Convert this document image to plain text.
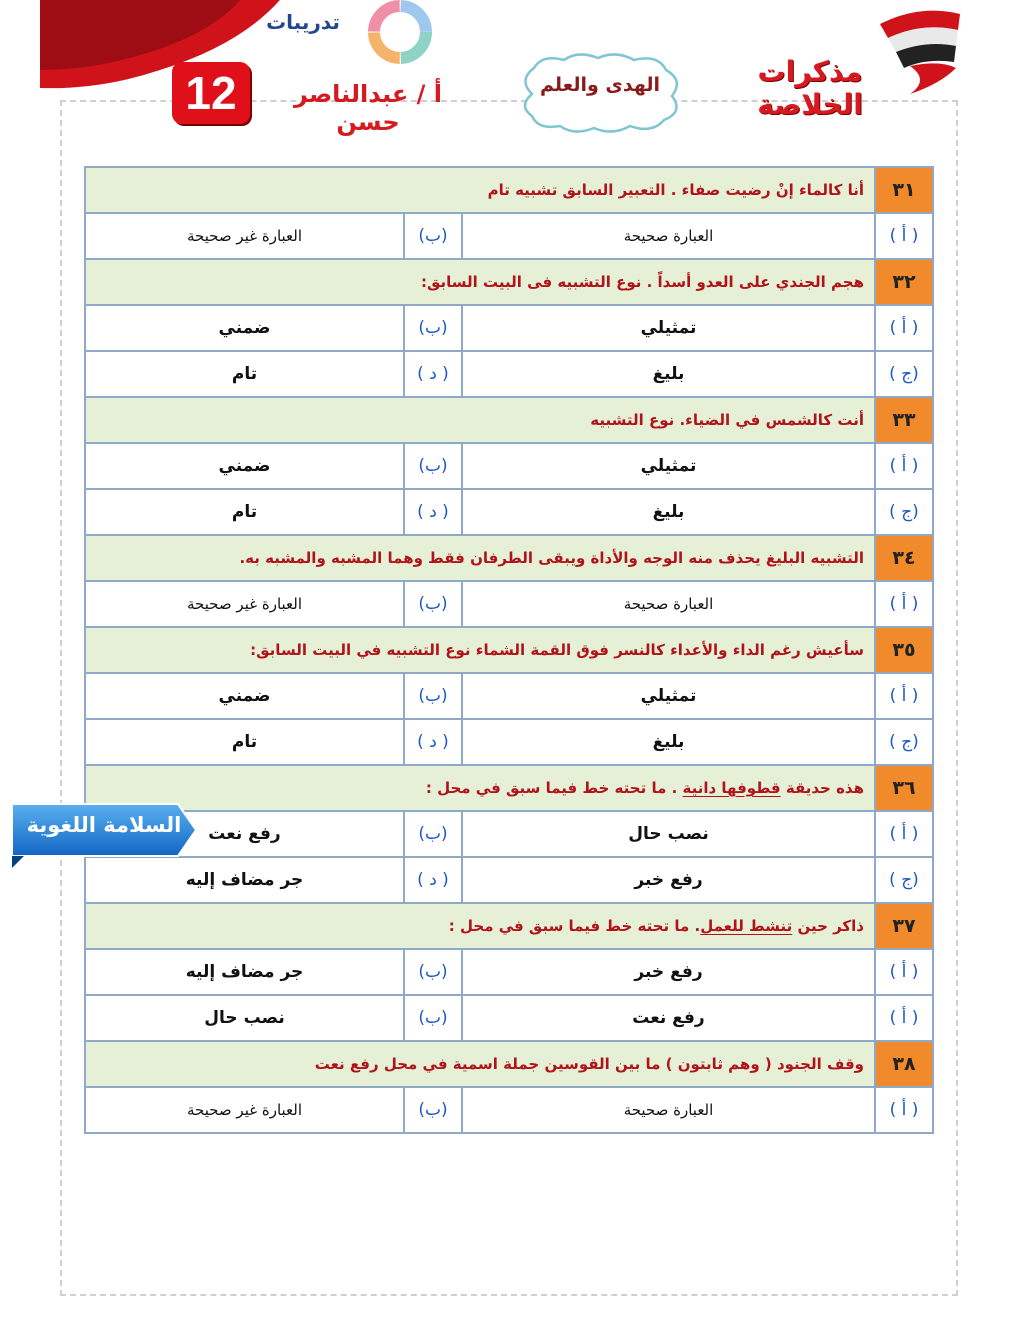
تدريبات
12	أ / عبدالناصر حسن
الهدى والعلم	مذكرات الخلاصة
٣١	أنا كالماء إنْ رضيت صفاء . التعبير السابق تشبيه تام		
( أ )	العبارة صحيحة	(ب)	العبارة غير صحيحة
٣٢	هجم الجندي على العدو أسداً . نوع التشبيه فى البيت السابق:		
( أ )	تمثيلي	(ب)	ضمني
(ج )	بليغ	( د )	تام
٣٣	أنت كالشمس في الضياء. نوع التشبيه		
( أ )	تمثيلي	(ب)	ضمني
(ج )	بليغ	( د )	تام
٣٤	التشبيه البليغ يحذف منه الوجه والأداة ويبقى الطرفان فقط وهما المشبه والمشبه به.		
( أ )	العبارة صحيحة	(ب)	العبارة غير صحيحة
٣٥	سأعيش رغم الداء والأعداء كالنسر فوق القمة الشماء نوع التشبيه في البيت السابق:		
( أ )	تمثيلي	(ب)	ضمني
(ج )	بليغ	( د )	تام
٣٦	هذه حديقة قطوفها دانية . ما تحته خط فيما سبق في محل :		
( أ )	نصب حال	(ب)	رفع نعت
(ج )	رفع خبر	( د )	جر مضاف إليه
٣٧	ذاكر حين تنشط للعمل. ما تحته خط فيما سبق في محل :		
( أ )	رفع خبر	(ب)	جر مضاف إليه
( أ )	رفع نعت	(ب)	نصب حال
٣٨	وقف الجنود ( وهم ثابتون ) ما بين القوسين جملة اسمية في محل رفع نعت		
( أ )	العبارة صحيحة	(ب)	العبارة غير صحيحة
السلامة اللغوية
